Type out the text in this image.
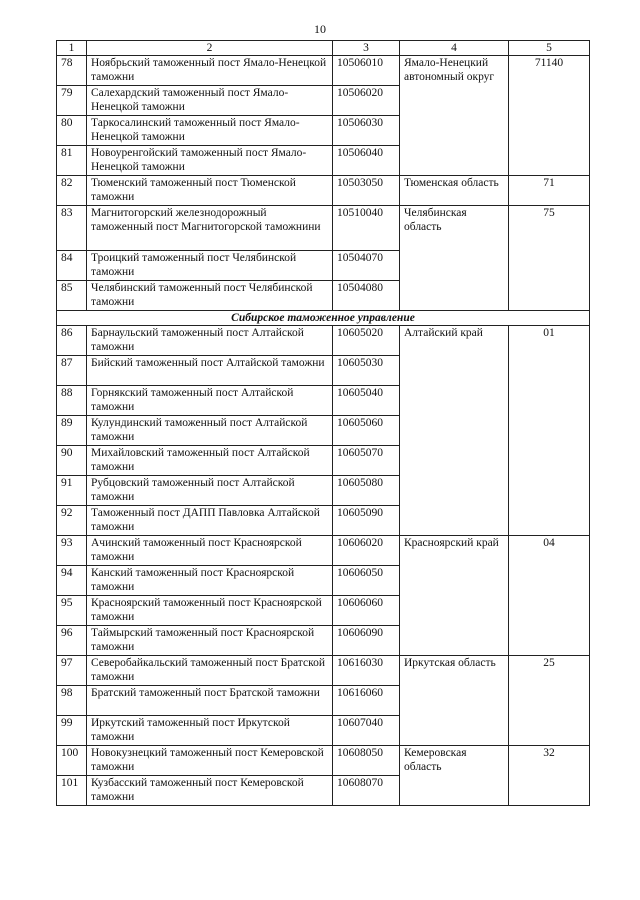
10
1	2	3	4	5
78	Ноябрьский таможенный пост Ямало-Ненецкой таможни	10506010	Ямало-Ненецкий автономный округ	71140
79	Салехардский таможенный пост Ямало-Ненецкой таможни	10506020		
80	Таркосалинский таможенный пост Ямало-Ненецкой таможни	10506030		
81	Новоуренгойский таможенный пост Ямало-Ненецкой таможни	10506040		
82	Тюменский таможенный пост Тюменской таможни	10503050	Тюменская область	71
83	Магнитогорский железнодорожный таможенный пост Магнитогорской таможнини	10510040	Челябинская область	75
84	Троицкий таможенный пост Челябинской таможни	10504070		
85	Челябинский таможенный пост Челябинской таможни	10504080		
Сибирское таможенное управление				
86	Барнаульский таможенный пост Алтайской таможни	10605020	Алтайский край	01
87	Бийский таможенный пост Алтайской таможни	10605030		
88	Горнякский таможенный пост Алтайской таможни	10605040		
89	Кулундинский таможенный пост Алтайской таможни	10605060		
90	Михайловский таможенный пост Алтайской таможни	10605070		
91	Рубцовский таможенный пост Алтайской таможни	10605080		
92	Таможенный пост ДАПП Павловка Алтайской таможни	10605090		
93	Ачинский таможенный пост Красноярской таможни	10606020	Красноярский край	04
94	Канский таможенный пост Красноярской таможни	10606050		
95	Красноярский таможенный пост Красноярской таможни	10606060		
96	Таймырский таможенный пост Красноярской таможни	10606090		
97	Северобайкальский таможенный пост Братской таможни	10616030	Иркутская область	25
98	Братский таможенный пост Братской таможни	10616060		
99	Иркутский таможенный пост Иркутской таможни	10607040		
100	Новокузнецкий таможенный пост Кемеровской таможни	10608050	Кемеровская область	32
101	Кузбасский таможенный пост Кемеровской таможни	10608070		
